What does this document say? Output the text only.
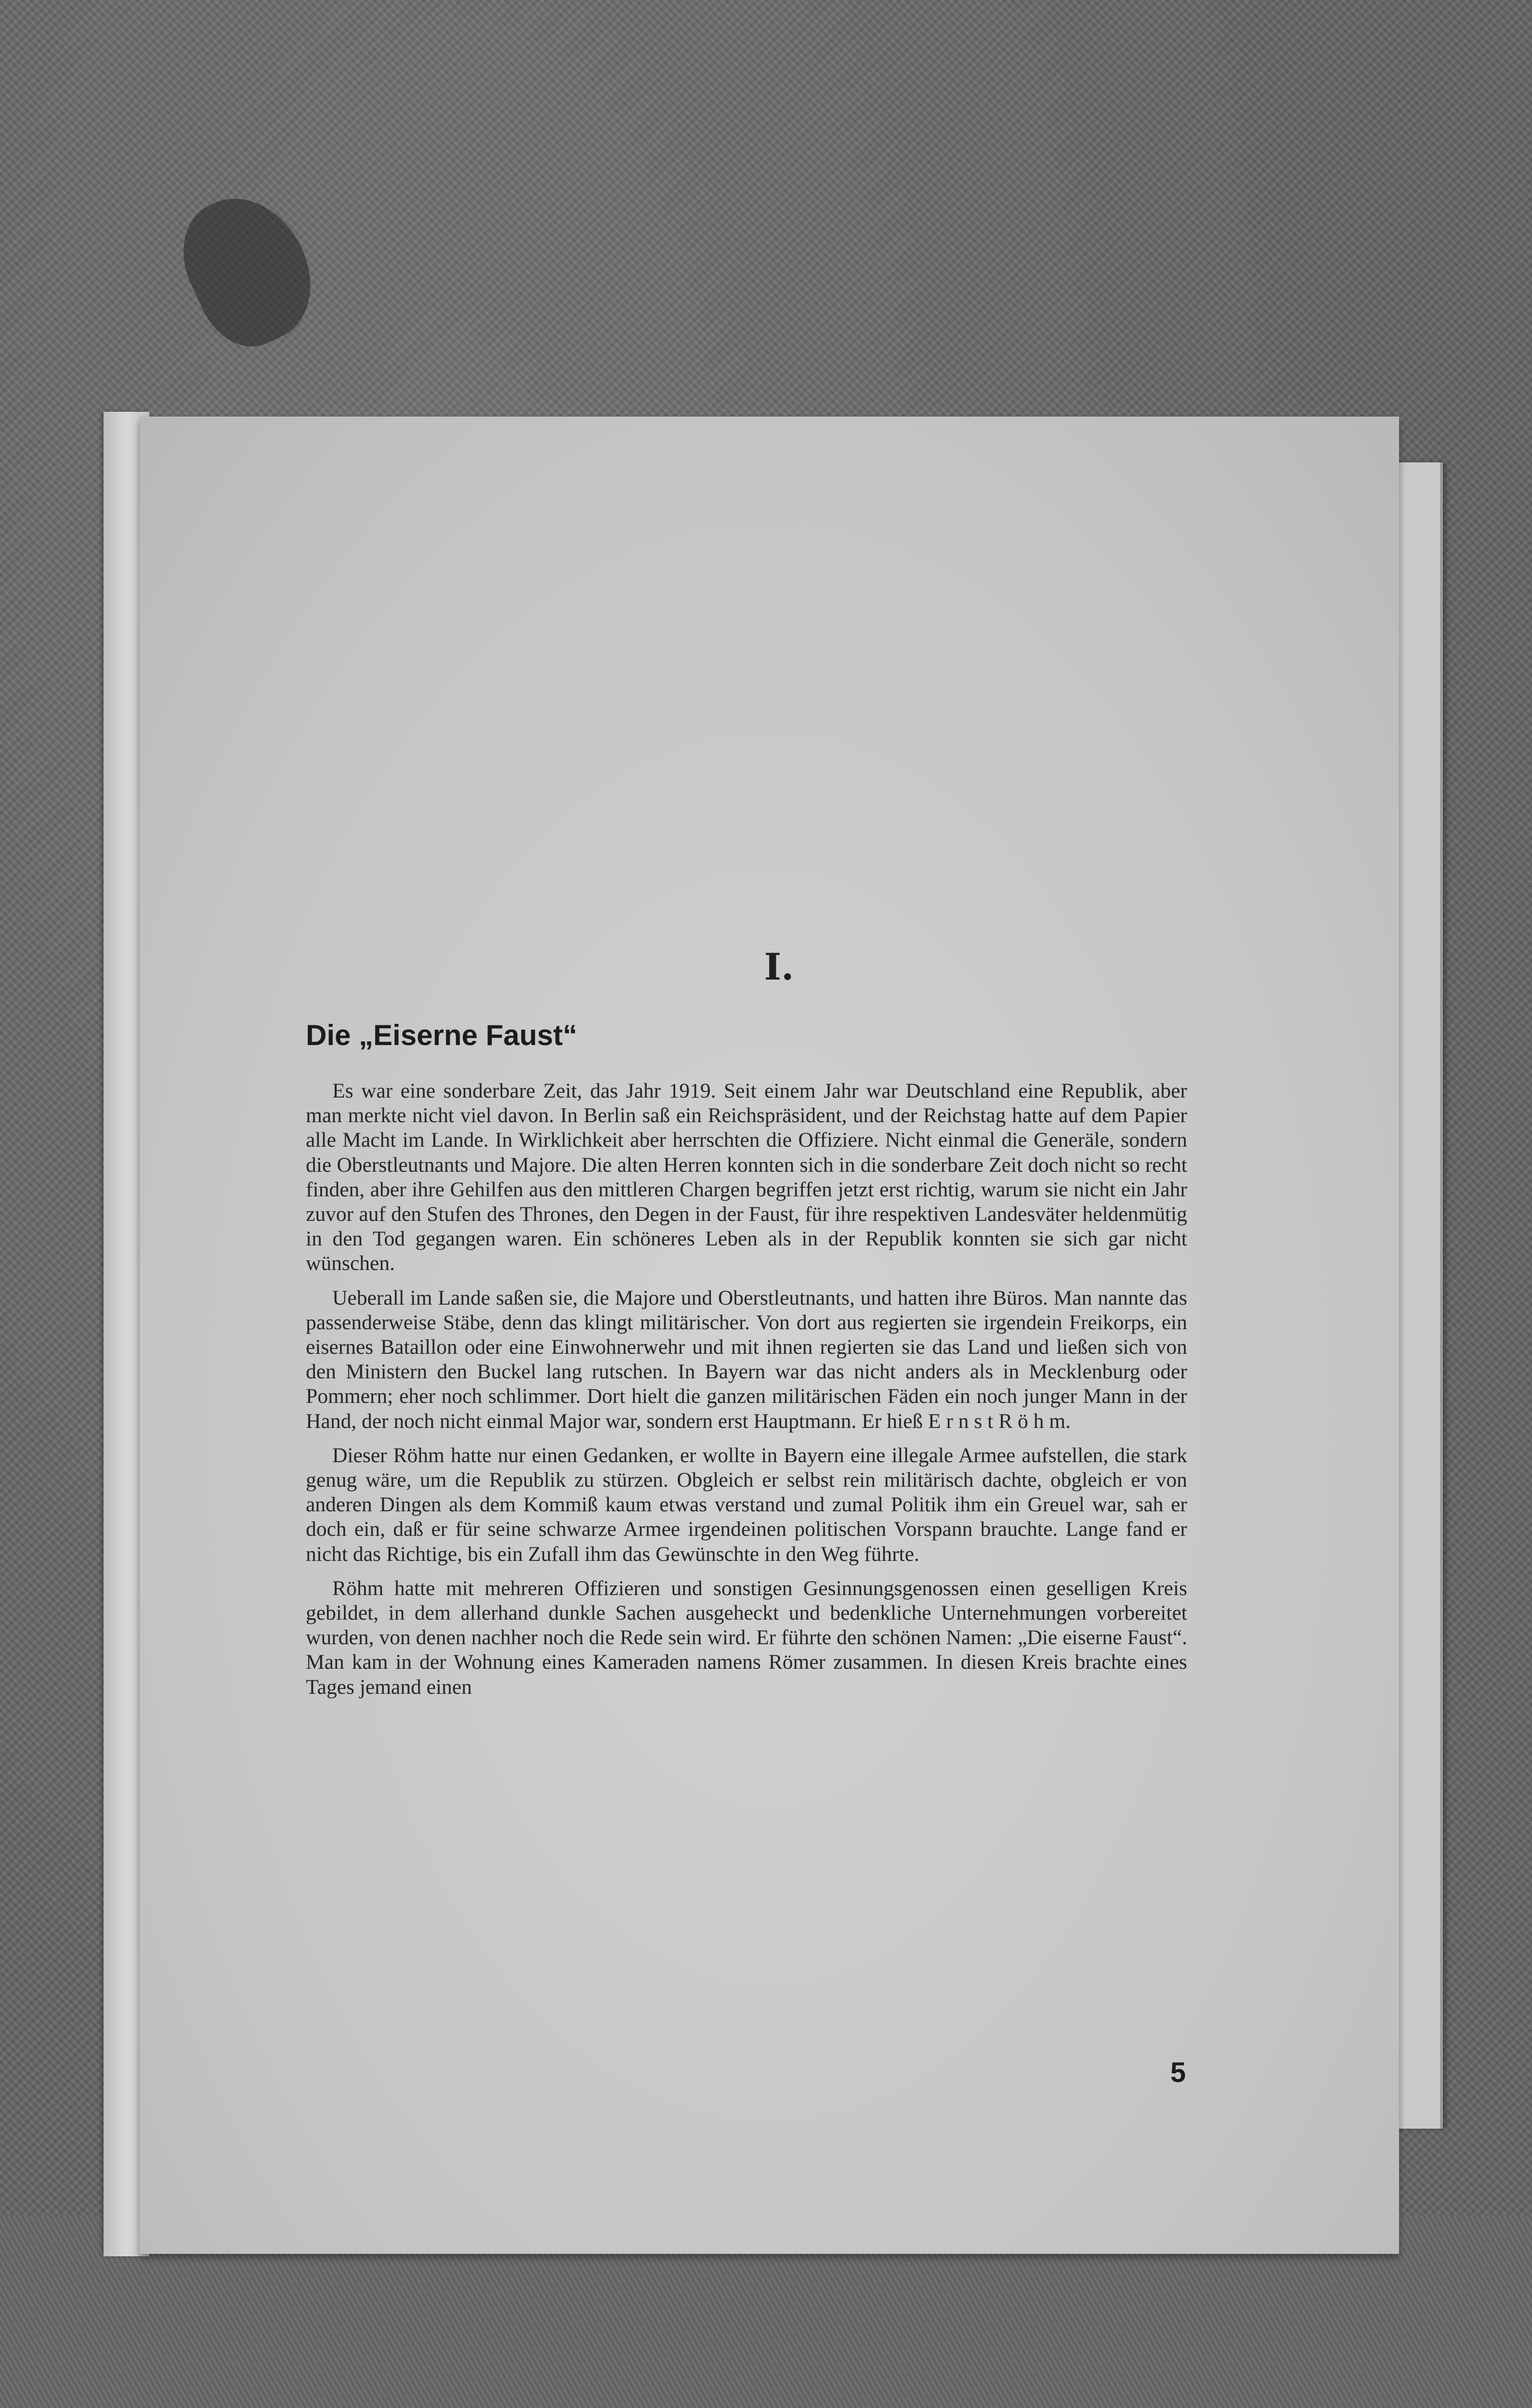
I.
Die „Eiserne Faust“

Es war eine sonderbare Zeit, das Jahr 1919. Seit einem Jahr war Deutschland eine Republik, aber man merkte nicht viel davon. In Berlin saß ein Reichspräsident, und der Reichstag hatte auf dem Papier alle Macht im Lande. In Wirklichkeit aber herrschten die Offiziere. Nicht einmal die Generäle, sondern die Oberstleutnants und Majore. Die alten Herren konnten sich in die sonderbare Zeit doch nicht so recht finden, aber ihre Gehilfen aus den mittleren Chargen begriffen jetzt erst richtig, warum sie nicht ein Jahr zuvor auf den Stufen des Thrones, den Degen in der Faust, für ihre respektiven Landesväter heldenmütig in den Tod gegangen waren. Ein schöneres Leben als in der Republik konnten sie sich gar nicht wünschen.

Ueberall im Lande saßen sie, die Majore und Oberstleutnants, und hatten ihre Büros. Man nannte das passenderweise Stäbe, denn das klingt militärischer. Von dort aus regierten sie irgendein Freikorps, ein eisernes Bataillon oder eine Einwohnerwehr und mit ihnen regierten sie das Land und ließen sich von den Ministern den Buckel lang rutschen. In Bayern war das nicht anders als in Mecklenburg oder Pommern; eher noch schlimmer. Dort hielt die ganzen militärischen Fäden ein noch junger Mann in der Hand, der noch nicht einmal Major war, sondern erst Hauptmann. Er hieß E r n s t R ö h m.

Dieser Röhm hatte nur einen Gedanken, er wollte in Bayern eine illegale Armee aufstellen, die stark genug wäre, um die Republik zu stürzen. Obgleich er selbst rein militärisch dachte, obgleich er von anderen Dingen als dem Kommiß kaum etwas verstand und zumal Politik ihm ein Greuel war, sah er doch ein, daß er für seine schwarze Armee irgendeinen politischen Vorspann brauchte. Lange fand er nicht das Richtige, bis ein Zufall ihm das Gewünschte in den Weg führte.

Röhm hatte mit mehreren Offizieren und sonstigen Gesinnungsgenossen einen geselligen Kreis gebildet, in dem allerhand dunkle Sachen ausgeheckt und bedenkliche Unternehmungen vorbereitet wurden, von denen nachher noch die Rede sein wird. Er führte den schönen Namen: „Die eiserne Faust“. Man kam in der Wohnung eines Kameraden namens Römer zusammen. In diesen Kreis brachte eines Tages jemand einen

5
